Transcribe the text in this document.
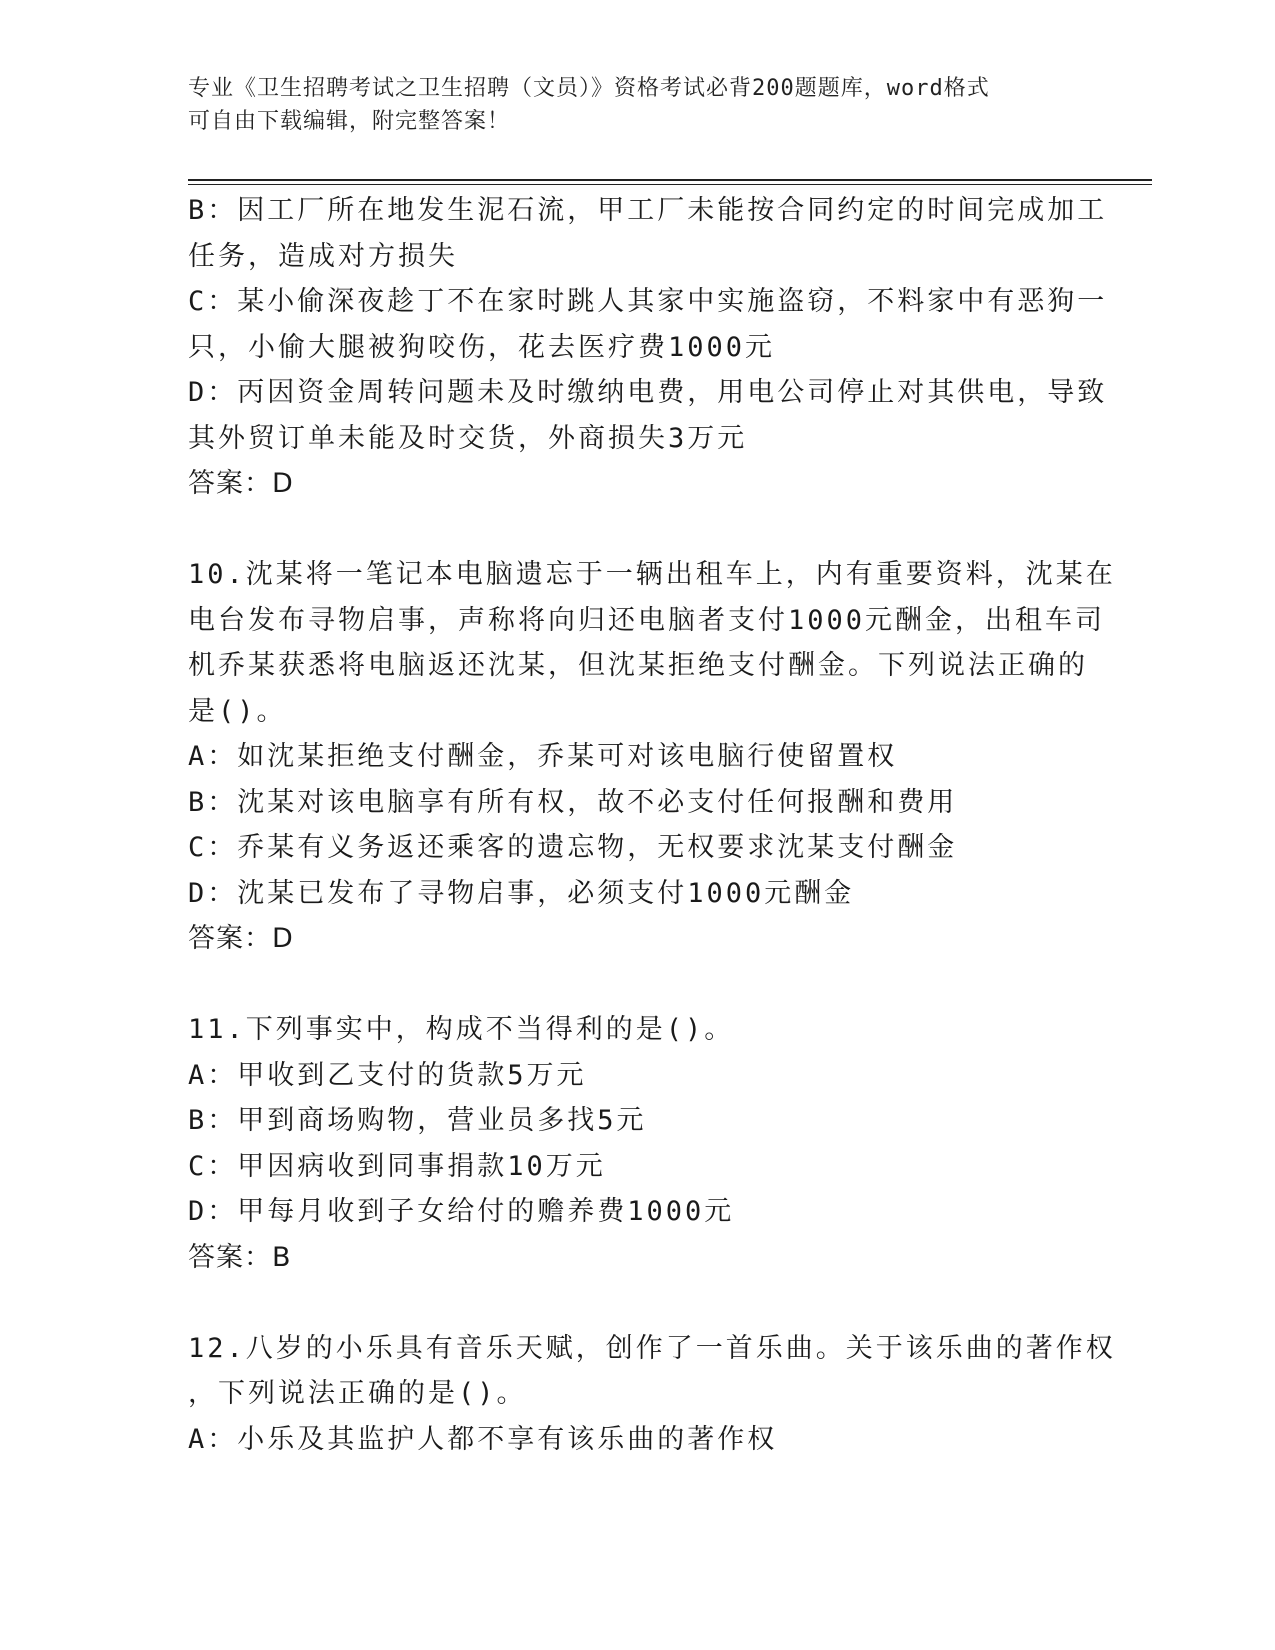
专业《卫生招聘考试之卫生招聘（文员）》资格考试必背200题题库，word格式
可自由下载编辑，附完整答案！
B：因工厂所在地发生泥石流，甲工厂未能按合同约定的时间完成加工
任务，造成对方损失
C：某小偷深夜趁丁不在家时跳人其家中实施盗窃，不料家中有恶狗一
只，小偷大腿被狗咬伤，花去医疗费1000元
D：丙因资金周转问题未及时缴纳电费，用电公司停止对其供电，导致
其外贸订单未能及时交货，外商损失3万元
答案：D
10.沈某将一笔记本电脑遗忘于一辆出租车上，内有重要资料，沈某在
电台发布寻物启事，声称将向归还电脑者支付1000元酬金，出租车司
机乔某获悉将电脑返还沈某，但沈某拒绝支付酬金。下列说法正确的
是()。
A：如沈某拒绝支付酬金，乔某可对该电脑行使留置权
B：沈某对该电脑享有所有权，故不必支付任何报酬和费用
C：乔某有义务返还乘客的遗忘物，无权要求沈某支付酬金
D：沈某已发布了寻物启事，必须支付1000元酬金
答案：D
11.下列事实中，构成不当得利的是()。
A：甲收到乙支付的货款5万元
B：甲到商场购物，营业员多找5元
C：甲因病收到同事捐款10万元
D：甲每月收到子女给付的赡养费1000元
答案：B
12.八岁的小乐具有音乐天赋，创作了一首乐曲。关于该乐曲的著作权
，下列说法正确的是()。
A：小乐及其监护人都不享有该乐曲的著作权
